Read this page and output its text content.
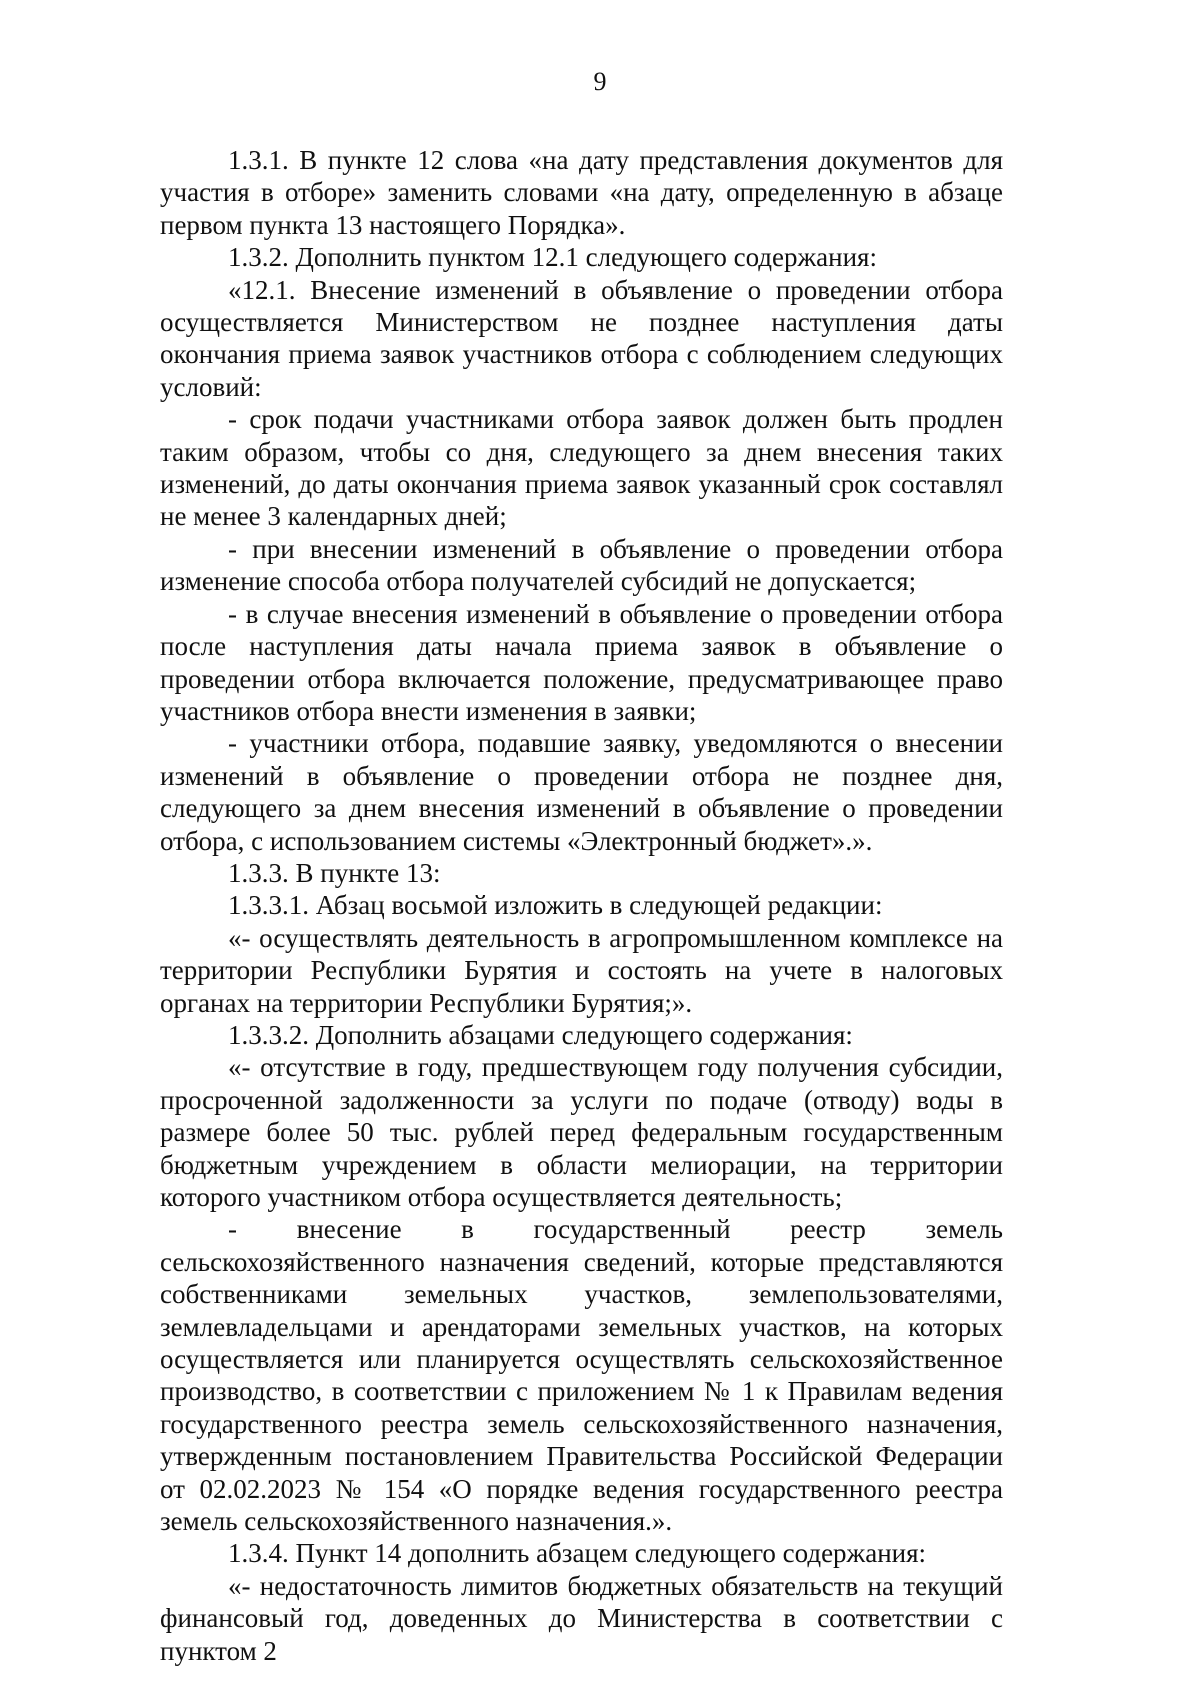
9

1.3.1. В пункте 12 слова «на дату представления документов для участия в отборе» заменить словами «на дату, определенную в абзаце первом пункта 13 настоящего Порядка».

1.3.2. Дополнить пунктом 12.1 следующего содержания:

«12.1. Внесение изменений в объявление о проведении отбора осуществляется Министерством не позднее наступления даты окончания приема заявок участников отбора с соблюдением следующих условий:

- срок подачи участниками отбора заявок должен быть продлен таким образом, чтобы со дня, следующего за днем внесения таких изменений, до даты окончания приема заявок указанный срок составлял не менее 3 календарных дней;

- при внесении изменений в объявление о проведении отбора изменение способа отбора получателей субсидий не допускается;

- в случае внесения изменений в объявление о проведении отбора после наступления даты начала приема заявок в объявление о проведении отбора включается положение, предусматривающее право участников отбора внести изменения в заявки;

- участники отбора, подавшие заявку, уведомляются о внесении изменений в объявление о проведении отбора не позднее дня, следующего за днем внесения изменений в объявление о проведении отбора, с использованием системы «Электронный бюджет».».

1.3.3. В пункте 13:

1.3.3.1. Абзац восьмой изложить в следующей редакции:

«- осуществлять деятельность в агропромышленном комплексе на территории Республики Бурятия и состоять на учете в налоговых органах на территории Республики Бурятия;».

1.3.3.2. Дополнить абзацами следующего содержания:

«- отсутствие в году, предшествующем году получения субсидии, просроченной задолженности за услуги по подаче (отводу) воды в размере более 50 тыс. рублей перед федеральным государственным бюджетным учреждением в области мелиорации, на территории которого участником отбора осуществляется деятельность;

- внесение в государственный реестр земель сельскохозяйственного назначения сведений, которые представляются собственниками земельных участков, землепользователями, землевладельцами и арендаторами земельных участков, на которых осуществляется или планируется осуществлять сельскохозяйственное производство, в соответствии с приложением № 1 к Правилам ведения государственного реестра земель сельскохозяйственного назначения, утвержденным постановлением Правительства Российской Федерации от 02.02.2023 № 154 «О порядке ведения государственного реестра земель сельскохозяйственного назначения.».

1.3.4. Пункт 14 дополнить абзацем следующего содержания:

«- недостаточность лимитов бюджетных обязательств на текущий финансовый год, доведенных до Министерства в соответствии с пунктом 2
